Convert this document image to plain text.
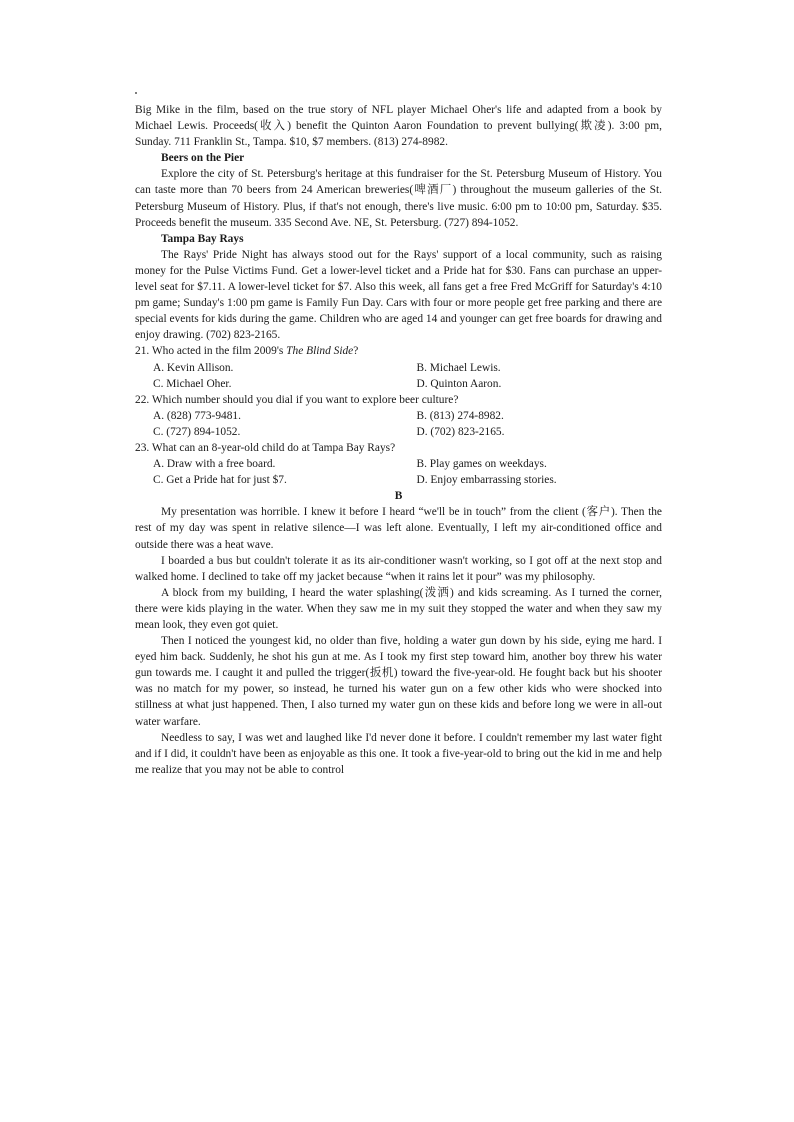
Big Mike in the film, based on the true story of NFL player Michael Oher's life and adapted from a book by Michael Lewis. Proceeds(收入) benefit the Quinton Aaron Foundation to prevent bullying(欺凌). 3:00 pm, Sunday. 711 Franklin St., Tampa. $10, $7 members. (813) 274-8982.

Beers on the Pier

Explore the city of St. Petersburg's heritage at this fundraiser for the St. Petersburg Museum of History. You can taste more than 70 beers from 24 American breweries(啤酒厂) throughout the museum galleries of the St. Petersburg Museum of History. Plus, if that's not enough, there's live music. 6:00 pm to 10:00 pm, Saturday. $35. Proceeds benefit the museum. 335 Second Ave. NE, St. Petersburg. (727) 894-1052.

Tampa Bay Rays

The Rays' Pride Night has always stood out for the Rays' support of a local community, such as raising money for the Pulse Victims Fund. Get a lower-level ticket and a Pride hat for $30. Fans can purchase an upper-level seat for $7.11. A lower-level ticket for $7. Also this week, all fans get a free Fred McGriff for Saturday's 4:10 pm game; Sunday's 1:00 pm game is Family Fun Day. Cars with four or more people get free parking and there are special events for kids during the game. Children who are aged 14 and younger can get free boards for drawing and enjoy drawing. (702) 823-2165.

21. Who acted in the film 2009's The Blind Side?

A. Kevin Allison.	B. Michael Lewis.
C. Michael Oher.	D. Quinton Aaron.

22. Which number should you dial if you want to explore beer culture?

A. (828) 773-9481.	B. (813) 274-8982.
C. (727) 894-1052.	D. (702) 823-2165.

23. What can an 8-year-old child do at Tampa Bay Rays?

A. Draw with a free board.	B. Play games on weekdays.
C. Get a Pride hat for just $7.	D. Enjoy embarrassing stories.

B

My presentation was horrible. I knew it before I heard “we'll be in touch” from the client (客户). Then the rest of my day was spent in relative silence—I was left alone. Eventually, I left my air-conditioned office and outside there was a heat wave.

I boarded a bus but couldn't tolerate it as its air-conditioner wasn't working, so I got off at the next stop and walked home. I declined to take off my jacket because “when it rains let it pour” was my philosophy.

A block from my building, I heard the water splashing(泼洒) and kids screaming. As I turned the corner, there were kids playing in the water. When they saw me in my suit they stopped the water and when they saw my mean look, they even got quiet.

Then I noticed the youngest kid, no older than five, holding a water gun down by his side, eying me hard. I eyed him back. Suddenly, he shot his gun at me. As I took my first step toward him, another boy threw his water gun towards me. I caught it and pulled the trigger(扳机) toward the five-year-old. He fought back but his shooter was no match for my power, so instead, he turned his water gun on a few other kids who were shocked into stillness at what just happened. Then, I also turned my water gun on these kids and before long we were in all-out water warfare.

Needless to say, I was wet and laughed like I'd never done it before. I couldn't remember my last water fight and if I did, it couldn't have been as enjoyable as this one. It took a five-year-old to bring out the kid in me and help me realize that you may not be able to control
